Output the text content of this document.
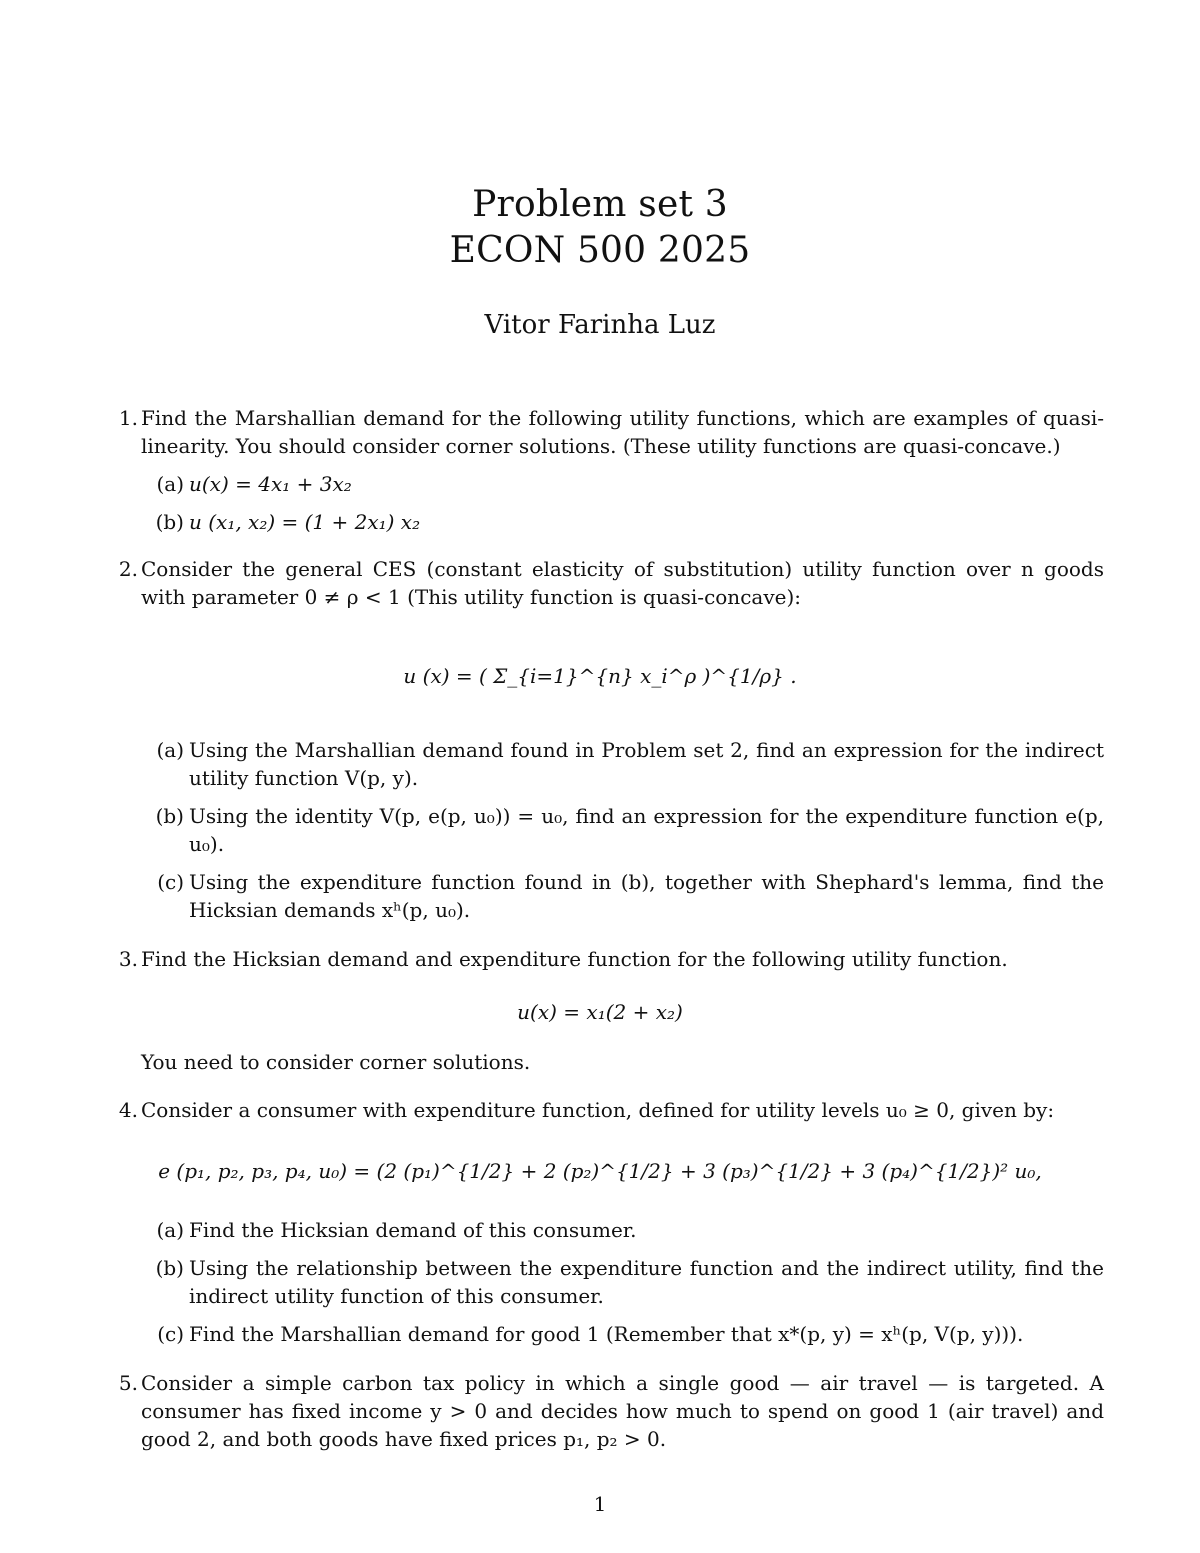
Problem set 3
ECON 500 2025
Vitor Farinha Luz
1. Find the Marshallian demand for the following utility functions, which are examples of quasi-linearity. You should consider corner solutions. (These utility functions are quasi-concave.)
(a) u(x) = 4x₁ + 3x₂
(b) u (x₁, x₂) = (1 + 2x₁) x₂
2. Consider the general CES (constant elasticity of substitution) utility function over n goods with parameter 0 ≠ ρ < 1 (This utility function is quasi-concave):
u (x) = ( Σ_{i=1}^{n} x_i^ρ )^{1/ρ} .
(a) Using the Marshallian demand found in Problem set 2, find an expression for the indirect utility function V(p, y).
(b) Using the identity V(p, e(p, u₀)) = u₀, find an expression for the expenditure function e(p, u₀).
(c) Using the expenditure function found in (b), together with Shephard's lemma, find the Hicksian demands xʰ(p, u₀).
3. Find the Hicksian demand and expenditure function for the following utility function.
u(x) = x₁(2 + x₂)
You need to consider corner solutions.
4. Consider a consumer with expenditure function, defined for utility levels u₀ ≥ 0, given by:
e (p₁, p₂, p₃, p₄, u₀) = (2 (p₁)^{1/2} + 2 (p₂)^{1/2} + 3 (p₃)^{1/2} + 3 (p₄)^{1/2})² u₀,
(a) Find the Hicksian demand of this consumer.
(b) Using the relationship between the expenditure function and the indirect utility, find the indirect utility function of this consumer.
(c) Find the Marshallian demand for good 1 (Remember that x*(p, y) = xʰ(p, V(p, y))).
5. Consider a simple carbon tax policy in which a single good — air travel — is targeted. A consumer has fixed income y > 0 and decides how much to spend on good 1 (air travel) and good 2, and both goods have fixed prices p₁, p₂ > 0.
1
